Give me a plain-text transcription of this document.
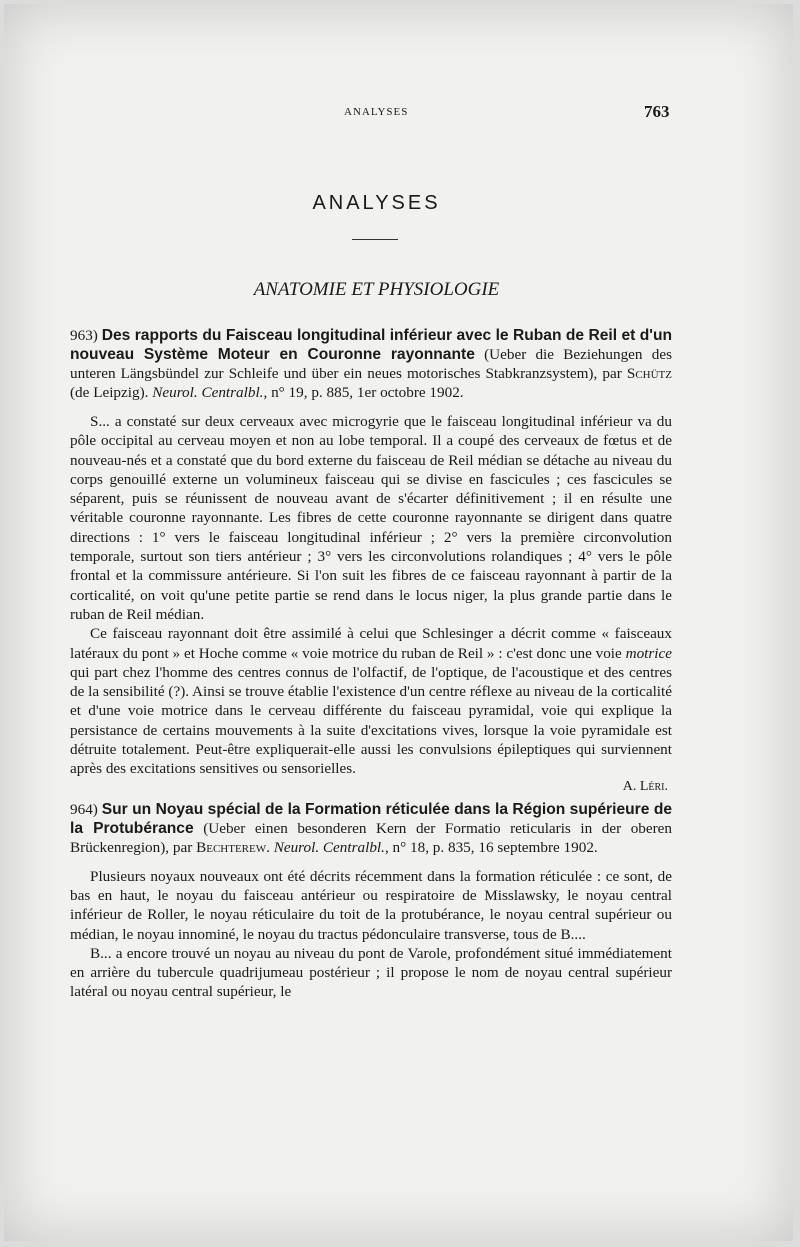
ANALYSES	763
ANALYSES
ANATOMIE ET PHYSIOLOGIE

963) Des rapports du Faisceau longitudinal inférieur avec le Ruban de Reil et d'un nouveau Système Moteur en Couronne rayonnante (Ueber die Beziehungen des unteren Längsbündel zur Schleife und über ein neues motorisches Stabkranzsystem), par Schütz (de Leipzig). Neurol. Centralbl., n° 19, p. 885, 1er octobre 1902.

S... a constaté sur deux cerveaux avec microgyrie que le faisceau longitudinal inférieur va du pôle occipital au cerveau moyen et non au lobe temporal. Il a coupé des cerveaux de fœtus et de nouveau-nés et a constaté que du bord externe du faisceau de Reil médian se détache au niveau du corps genouillé externe un volumineux faisceau qui se divise en fascicules ; ces fascicules se séparent, puis se réunissent de nouveau avant de s'écarter définitivement ; il en résulte une véritable couronne rayonnante. Les fibres de cette couronne rayonnante se dirigent dans quatre directions : 1° vers le faisceau longitudinal inférieur ; 2° vers la première circonvolution temporale, surtout son tiers antérieur ; 3° vers les circonvolutions rolandiques ; 4° vers le pôle frontal et la commissure antérieure. Si l'on suit les fibres de ce faisceau rayonnant à partir de la corticalité, on voit qu'une petite partie se rend dans le locus niger, la plus grande partie dans le ruban de Reil médian.

Ce faisceau rayonnant doit être assimilé à celui que Schlesinger a décrit comme « faisceaux latéraux du pont » et Hoche comme « voie motrice du ruban de Reil » : c'est donc une voie motrice qui part chez l'homme des centres connus de l'olfactif, de l'optique, de l'acoustique et des centres de la sensibilité (?). Ainsi se trouve établie l'existence d'un centre réflexe au niveau de la corticalité et d'une voie motrice dans le cerveau différente du faisceau pyramidal, voie qui explique la persistance de certains mouvements à la suite d'excitations vives, lorsque la voie pyramidale est détruite totalement. Peut-être expliquerait-elle aussi les convulsions épileptiques qui surviennent après des excitations sensitives ou sensorielles.

A. Léri.

964) Sur un Noyau spécial de la Formation réticulée dans la Région supérieure de la Protubérance (Ueber einen besonderen Kern der Formatio reticularis in der oberen Brückenregion), par Bechterew. Neurol. Centralbl., n° 18, p. 835, 16 septembre 1902.

Plusieurs noyaux nouveaux ont été décrits récemment dans la formation réticulée : ce sont, de bas en haut, le noyau du faisceau antérieur ou respiratoire de Misslawsky, le noyau central inférieur de Roller, le noyau réticulaire du toit de la protubérance, le noyau central supérieur ou médian, le noyau innominé, le noyau du tractus pédonculaire transverse, tous de B....

B... a encore trouvé un noyau au niveau du pont de Varole, profondément situé immédiatement en arrière du tubercule quadrijumeau postérieur ; il propose le nom de noyau central supérieur latéral ou noyau central supérieur, le
